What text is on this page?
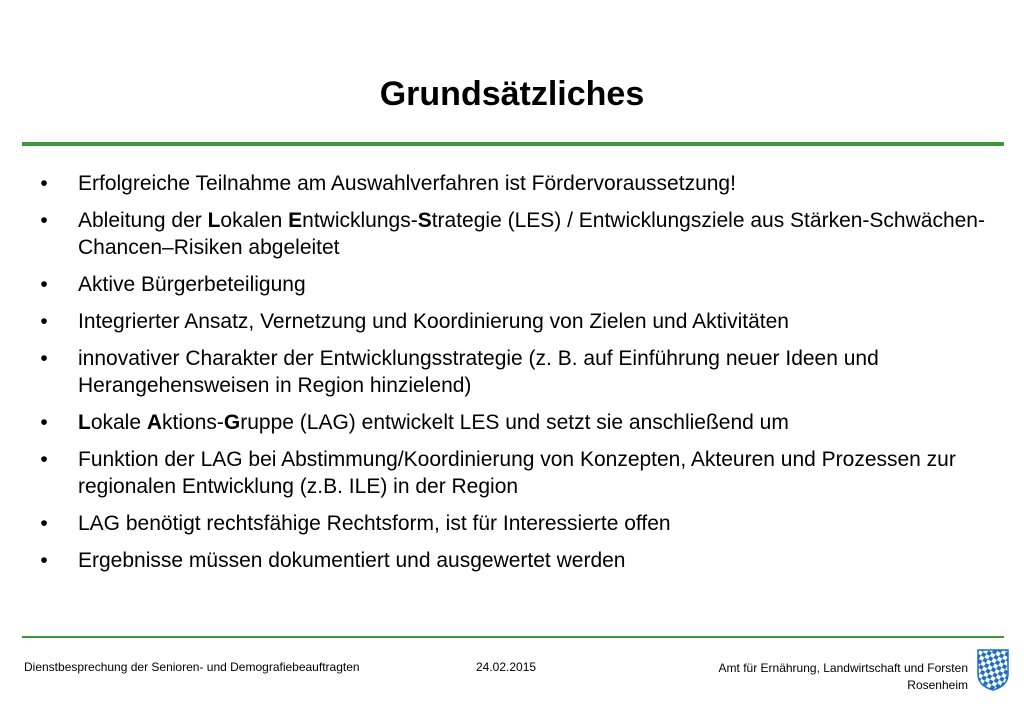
Grundsätzliches
•	Erfolgreiche Teilnahme am Auswahlverfahren ist Fördervoraussetzung!
•	Ableitung der Lokalen Entwicklungs-Strategie (LES) / Entwicklungsziele aus Stärken-Schwächen-Chancen–Risiken abgeleitet
•	Aktive Bürgerbeteiligung
•	Integrierter Ansatz, Vernetzung und Koordinierung von Zielen und Aktivitäten
•	innovativer Charakter der Entwicklungsstrategie (z. B. auf Einführung neuer Ideen und Herangehensweisen in Region hinzielend)
•	Lokale Aktions-Gruppe (LAG) entwickelt LES und setzt sie anschließend um
•	Funktion der LAG bei Abstimmung/Koordinierung von Konzepten, Akteuren und Prozessen zur regionalen Entwicklung (z.B. ILE) in der Region
•	LAG benötigt rechtsfähige Rechtsform, ist für Interessierte offen
•	Ergebnisse müssen dokumentiert und ausgewertet werden
Dienstbesprechung der Senioren- und Demografiebeauftragten	24.02.2015	Amt für Ernährung, Landwirtschaft und Forsten
Rosenheim
